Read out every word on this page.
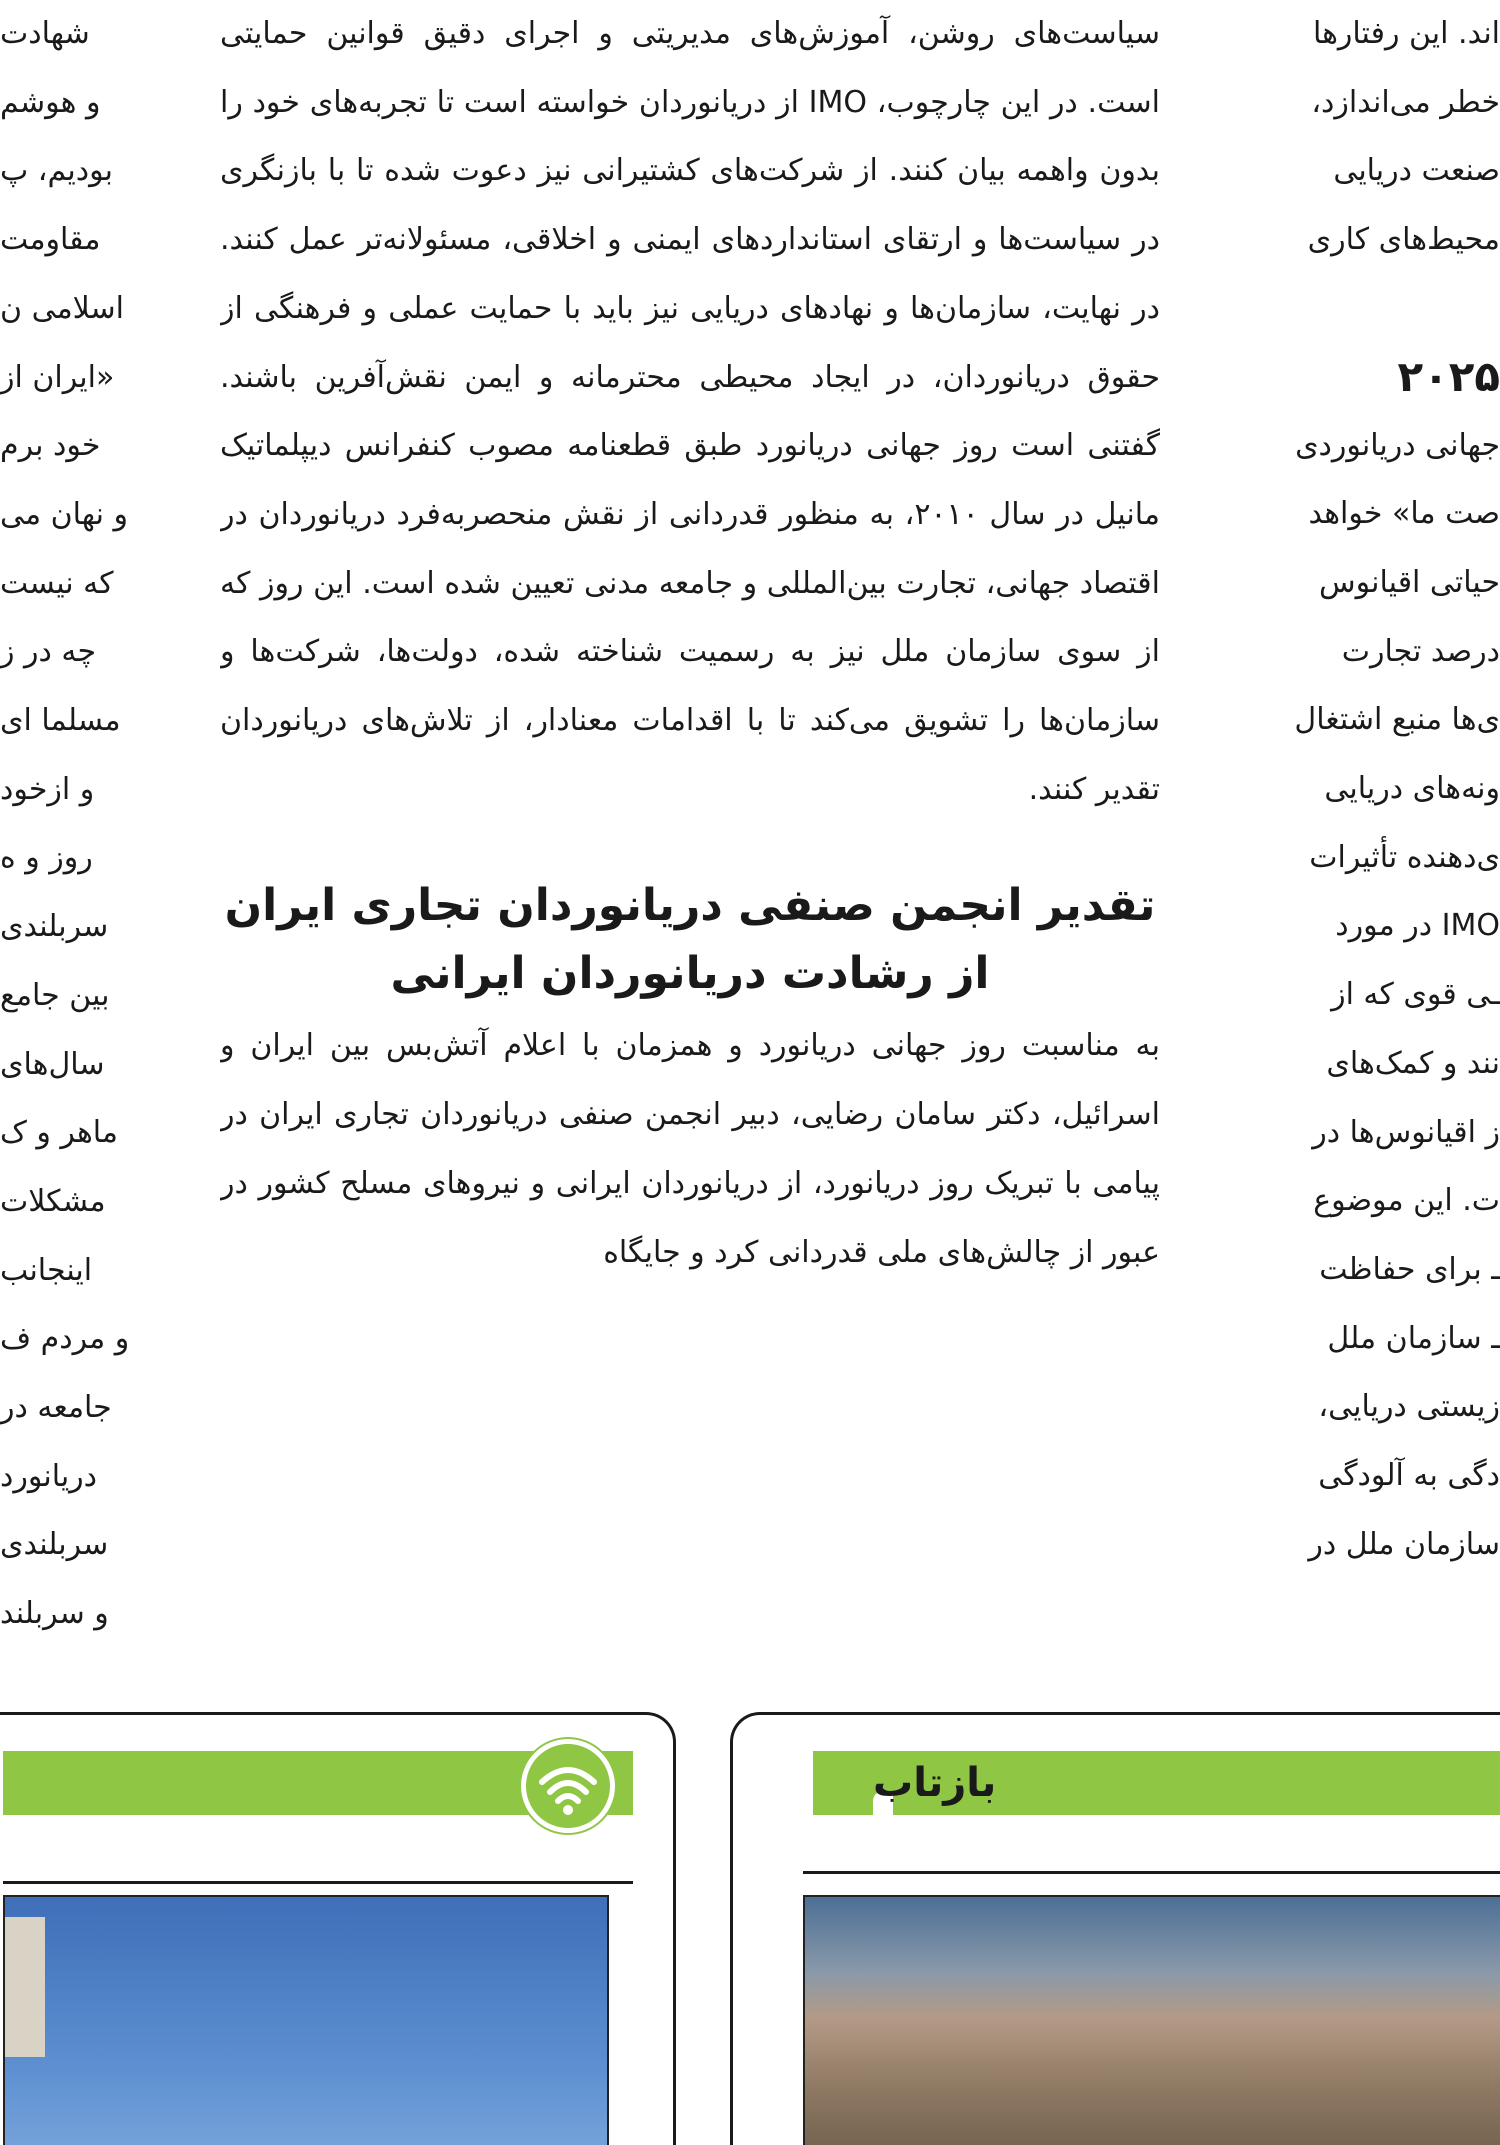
شهادت
و هوشم
بودیم، پ
مقاومت
اسلامی ن
«ایران از
خود برم
و نهان می
که نیست
چه در ز
مسلما ای
و ازخود
روز و ه
سربلندی
بین جامع
سال‌های
ماهر و ک
مشکلات
اینجانب
و مردم ف
جامعه در
دریانورد
سربلندی
و سربلند

سیاست‌های روشن، آموزش‌های مدیریتی و اجرای دقیق قوانین حمایتی است. در این چارچوب، IMO از دریانوردان خواسته است تا تجربه‌های خود را بدون واهمه بیان کنند. از شرکت‌های کشتیرانی نیز دعوت شده تا با بازنگری در سیاست‌ها و ارتقای استانداردهای ایمنی و اخلاقی، مسئولانه‌تر عمل کنند. در نهایت، سازمان‌ها و نهادهای دریایی نیز باید با حمایت عملی و فرهنگی از حقوق دریانوردان، در ایجاد محیطی محترمانه و ایمن نقش‌آفرین باشند. گفتنی است روز جهانی دریانورد طبق قطعنامه مصوب کنفرانس دیپلماتیک مانیل در سال ۲۰۱۰، به منظور قدردانی از نقش منحصربه‌فرد دریانوردان در اقتصاد جهانی، تجارت بین‌المللی و جامعه مدنی تعیین شده است. این روز که از سوی سازمان ملل نیز به رسمیت شناخته شده، دولت‌ها، شرکت‌ها و سازمان‌ها را تشویق می‌کند تا با اقدامات معنادار، از تلاش‌های دریانوردان تقدیر کنند.

تقدیر انجمن صنفی دریانوردان تجاری ایران از رشادت دریانوردان ایرانی

به مناسبت روز جهانی دریانورد و همزمان با اعلام آتش‌بس بین ایران و اسرائیل، دکتر سامان رضایی، دبیر انجمن صنفی دریانوردان تجاری ایران در پیامی با تبریک روز دریانورد، از دریانوردان ایرانی و نیروهای مسلح کشور در عبور از چالش‌های ملی قدردانی کرد و جایگاه

اند. این رفتارها
خطر می‌اندازد،
صنعت دریایی
محیط‌های کاری
۲۰۲۵
جهانی دریانوردی
صت ما» خواهد
حیاتی اقیانوس
درصد تجارت
ی‌ها منبع اشتغال
ونه‌های دریایی
ی‌دهنده تأثیرات
IMO در مورد
ـی قوی که از
نند و کمک‌های
ز اقیانوس‌ها در
ت. این موضوع
ـ برای حفاظت
ـ سازمان ملل
زیستی دریایی،
دگی به آلودگی
سازمان ملل در
بازتاب
